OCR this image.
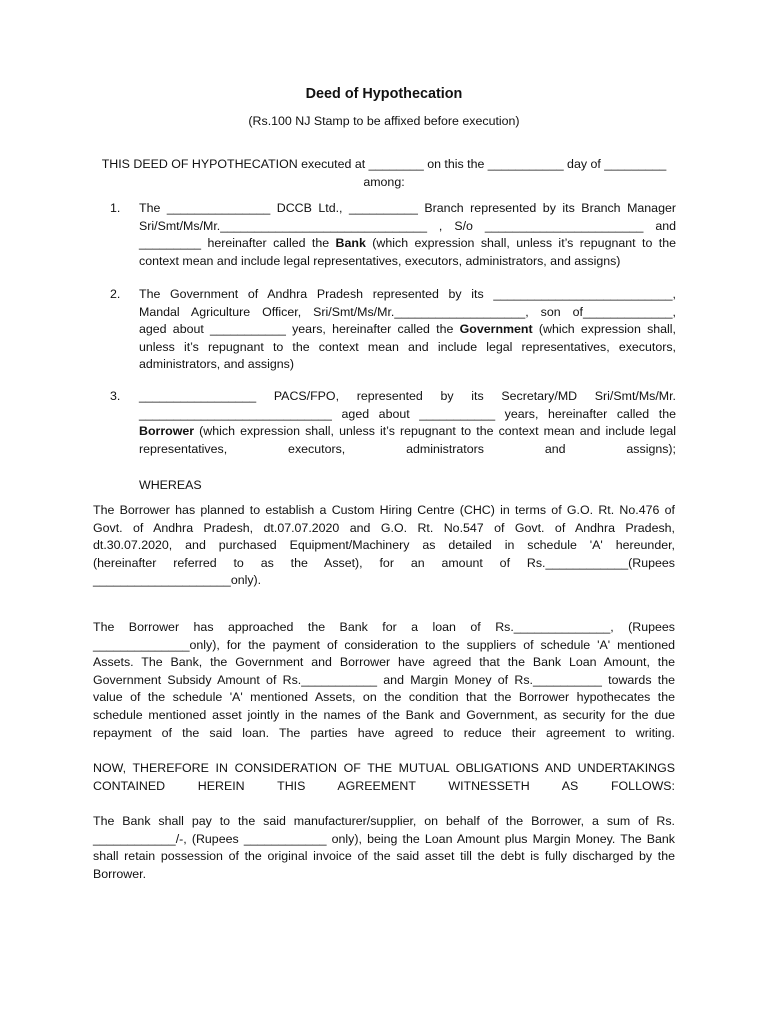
Deed of Hypothecation
(Rs.100 NJ Stamp to be affixed before execution)
THIS DEED OF HYPOTHECATION executed at ________ on this the ___________ day of _________
among:
1.	The _______________ DCCB Ltd., __________ Branch represented by its Branch Manager
Sri/Smt/Ms/Mr.______________________________ , S/o _______________________ and
_________ hereinafter called the Bank (which expression shall, unless it’s repugnant to the
context mean and include legal representatives, executors, administrators, and assigns)
2.	The Government of Andhra Pradesh represented by its __________________________,
Mandal Agriculture Officer, Sri/Smt/Ms/Mr.___________________, son of_____________,
aged about ___________ years, hereinafter called the Government (which expression shall,
unless it’s repugnant to the context mean and include legal representatives, executors,
administrators, and assigns)
3.	_________________ PACS/FPO, represented by its Secretary/MD Sri/Smt/Ms/Mr.
____________________________ aged about ___________ years, hereinafter called the
Borrower (which expression shall, unless it’s repugnant to the context mean and include legal
representatives, executors, administrators and assigns);
WHEREAS
The Borrower has planned to establish a Custom Hiring Centre (CHC) in terms of G.O. Rt. No.476 of
Govt. of Andhra Pradesh, dt.07.07.2020 and G.O. Rt. No.547 of Govt. of Andhra Pradesh,
dt.30.07.2020, and purchased Equipment/Machinery as detailed in schedule 'A' hereunder,
(hereinafter referred to as the Asset), for an amount of Rs.____________(Rupees
____________________only).
The Borrower has approached the Bank for a loan of Rs.______________, (Rupees
______________only), for the payment of consideration to the suppliers of schedule 'A' mentioned
Assets. The Bank, the Government and Borrower have agreed that the Bank Loan Amount, the
Government Subsidy Amount of Rs.___________ and Margin Money of Rs.__________ towards the
value of the schedule 'A' mentioned Assets, on the condition that the Borrower hypothecates the
schedule mentioned asset jointly in the names of the Bank and Government, as security for the due
repayment of the said loan. The parties have agreed to reduce their agreement to writing.
NOW, THEREFORE IN CONSIDERATION OF THE MUTUAL OBLIGATIONS AND UNDERTAKINGS
CONTAINED HEREIN THIS AGREEMENT WITNESSETH AS FOLLOWS:
The Bank shall pay to the said manufacturer/supplier, on behalf of the Borrower, a sum of Rs.
____________/-, (Rupees ____________ only), being the Loan Amount plus Margin Money. The Bank
shall retain possession of the original invoice of the said asset till the debt is fully discharged by the
Borrower.
